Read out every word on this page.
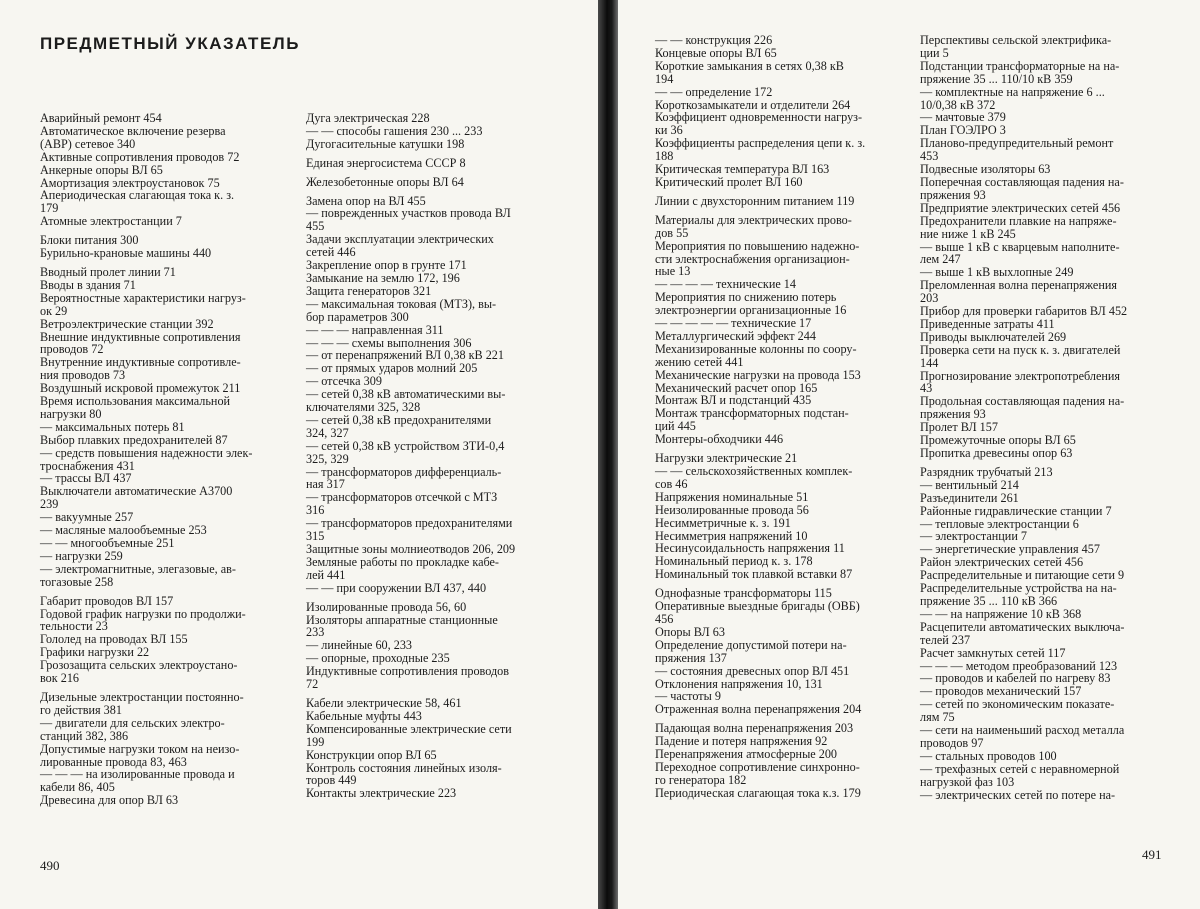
ПРЕДМЕТНЫЙ УКАЗАТЕЛЬ
Аварийный ремонт 454
Автоматическое включение резерва
(АВР) сетевое 340
Активные сопротивления проводов 72
Анкерные опоры ВЛ 65
Амортизация электроустановок 75
Апериодическая слагающая тока к. з.
179
Атомные электростанции 7
Блоки питания 300
Бурильно-крановые машины 440
Вводный пролет линии 71
Вводы в здания 71
Вероятностные характеристики нагруз-
ок 29
Ветроэлектрические станции 392
Внешние индуктивные сопротивления
проводов 72
Внутренние индуктивные сопротивле-
ния проводов 73
Воздушный искровой промежуток 211
Время использования максимальной
нагрузки 80
— максимальных потерь 81
Выбор плавких предохранителей 87
— средств повышения надежности элек-
троснабжения 431
— трассы ВЛ 437
Выключатели автоматические А3700
239
— вакуумные 257
— масляные малообъемные 253
— — многообъемные 251
— нагрузки 259
— электромагнитные, элегазовые, ав-
тогазовые 258
Габарит проводов ВЛ 157
Годовой график нагрузки по продолжи-
тельности 23
Гололед на проводах ВЛ 155
Графики нагрузки 22
Грозозащита сельских электроустано-
вок 216
Дизельные электростанции постоянно-
го действия 381
— двигатели для сельских электро-
станций 382, 386
Допустимые нагрузки током на неизо-
лированные провода 83, 463
— — — на изолированные провода и
кабели 86, 405
Древесина для опор ВЛ 63
Дуга электрическая 228
— — способы гашения 230 ... 233
Дугогасительные катушки 198
Единая энергосистема СССР 8
Железобетонные опоры ВЛ 64
Замена опор на ВЛ 455
— поврежденных участков провода ВЛ
455
Задачи эксплуатации электрических
сетей 446
Закрепление опор в грунте 171
Замыкание на землю 172, 196
Защита генераторов 321
— максимальная токовая (МТЗ), вы-
бор параметров 300
— — — направленная 311
— — — схемы выполнения 306
— от перенапряжений ВЛ 0,38 кВ 221
— от прямых ударов молний 205
— отсечка 309
— сетей 0,38 кВ автоматическими вы-
ключателями 325, 328
— сетей 0,38 кВ предохранителями
324, 327
— сетей 0,38 кВ устройством ЗТИ-0,4
325, 329
— трансформаторов дифференциаль-
ная 317
— трансформаторов отсечкой с МТЗ
316
— трансформаторов предохранителями
315
Защитные зоны молниеотводов 206, 209
Земляные работы по прокладке кабе-
лей 441
— — при сооружении ВЛ 437, 440
Изолированные провода 56, 60
Изоляторы аппаратные станционные
233
— линейные 60, 233
— опорные, проходные 235
Индуктивные сопротивления проводов
72
Кабели электрические 58, 461
Кабельные муфты 443
Компенсированные электрические сети
199
Конструкции опор ВЛ 65
Контроль состояния линейных изоля-
торов 449
Контакты электрические 223
490
— — конструкция 226
Концевые опоры ВЛ 65
Короткие замыкания в сетях 0,38 кВ
194
— — определение 172
Короткозамыкатели и отделители 264
Коэффициент одновременности нагруз-
ки 36
Коэффициенты распределения цепи к. з.
188
Критическая температура ВЛ 163
Критический пролет ВЛ 160
Линии с двухсторонним питанием 119
Материалы для электрических прово-
дов 55
Мероприятия по повышению надежно-
сти электроснабжения организацион-
ные 13
— — — — технические 14
Мероприятия по снижению потерь
электроэнергии организационные 16
— — — — — технические 17
Металлургический эффект 244
Механизированные колонны по соору-
жению сетей 441
Механические нагрузки на провода 153
Механический расчет опор 165
Монтаж ВЛ и подстанций 435
Монтаж трансформаторных подстан-
ций 445
Монтеры-обходчики 446
Нагрузки электрические 21
— — сельскохозяйственных комплек-
сов 46
Напряжения номинальные 51
Неизолированные провода 56
Несимметричные к. з. 191
Несимметрия напряжений 10
Несинусоидальность напряжения 11
Номинальный период к. з. 178
Номинальный ток плавкой вставки 87
Однофазные трансформаторы 115
Оперативные выездные бригады (ОВБ)
456
Опоры ВЛ 63
Определение допустимой потери на-
пряжения 137
— состояния древесных опор ВЛ 451
Отклонения напряжения 10, 131
— частоты 9
Отраженная волна перенапряжения 204
Падающая волна перенапряжения 203
Падение и потеря напряжения 92
Перенапряжения атмосферные 200
Переходное сопротивление синхронно-
го генератора 182
Периодическая слагающая тока к.з. 179
Перспективы сельской электрифика-
ции 5
Подстанции трансформаторные на на-
пряжение 35 ... 110/10 кВ 359
— комплектные на напряжение 6 ...
10/0,38 кВ 372
— мачтовые 379
План ГОЭЛРО 3
Планово-предупредительный ремонт
453
Подвесные изоляторы 63
Поперечная составляющая падения на-
пряжения 93
Предприятие электрических сетей 456
Предохранители плавкие на напряже-
ние ниже 1 кВ 245
— выше 1 кВ с кварцевым наполните-
лем 247
— выше 1 кВ выхлопные 249
Преломленная волна перенапряжения
203
Прибор для проверки габаритов ВЛ 452
Приведенные затраты 411
Приводы выключателей 269
Проверка сети на пуск к. з. двигателей
144
Прогнозирование электропотребления
43
Продольная составляющая падения на-
пряжения 93
Пролет ВЛ 157
Промежуточные опоры ВЛ 65
Пропитка древесины опор 63
Разрядник трубчатый 213
— вентильный 214
Разъединители 261
Районные гидравлические станции 7
— тепловые электростанции 6
— электростанции 7
— энергетические управления 457
Район электрических сетей 456
Распределительные и питающие сети 9
Распределительные устройства на на-
пряжение 35 ... 110 кВ 366
— — на напряжение 10 кВ 368
Расцепители автоматических выключа-
телей 237
Расчет замкнутых сетей 117
— — — методом преобразований 123
— проводов и кабелей по нагреву 83
— проводов механический 157
— сетей по экономическим показате-
лям 75
— сети на наименьший расход металла
проводов 97
— стальных проводов 100
— трехфазных сетей с неравномерной
нагрузкой фаз 103
— электрических сетей по потере на-
491
